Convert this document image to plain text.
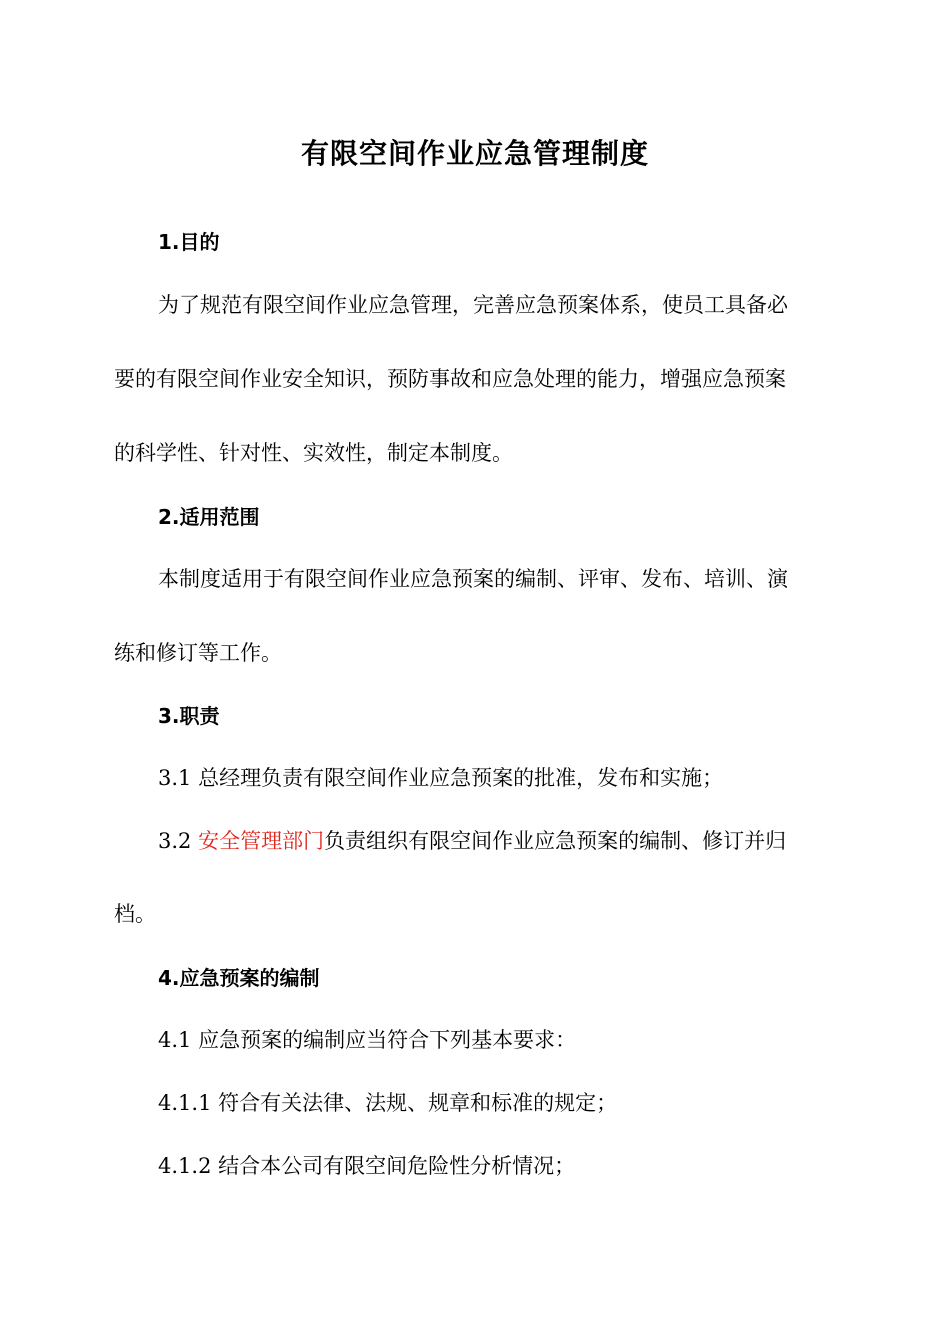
有限空间作业应急管理制度

1.目的

为了规范有限空间作业应急管理，完善应急预案体系，使员工具备必

要的有限空间作业安全知识，预防事故和应急处理的能力，增强应急预案

的科学性、针对性、实效性，制定本制度。

2.适用范围

本制度适用于有限空间作业应急预案的编制、评审、发布、培训、演

练和修订等工作。

3.职责

3.1 总经理负责有限空间作业应急预案的批准，发布和实施；

3.2 安全管理部门负责组织有限空间作业应急预案的编制、修订并归

档。

4.应急预案的编制

4.1 应急预案的编制应当符合下列基本要求：

4.1.1 符合有关法律、法规、规章和标准的规定；

4.1.2 结合本公司有限空间危险性分析情况；
